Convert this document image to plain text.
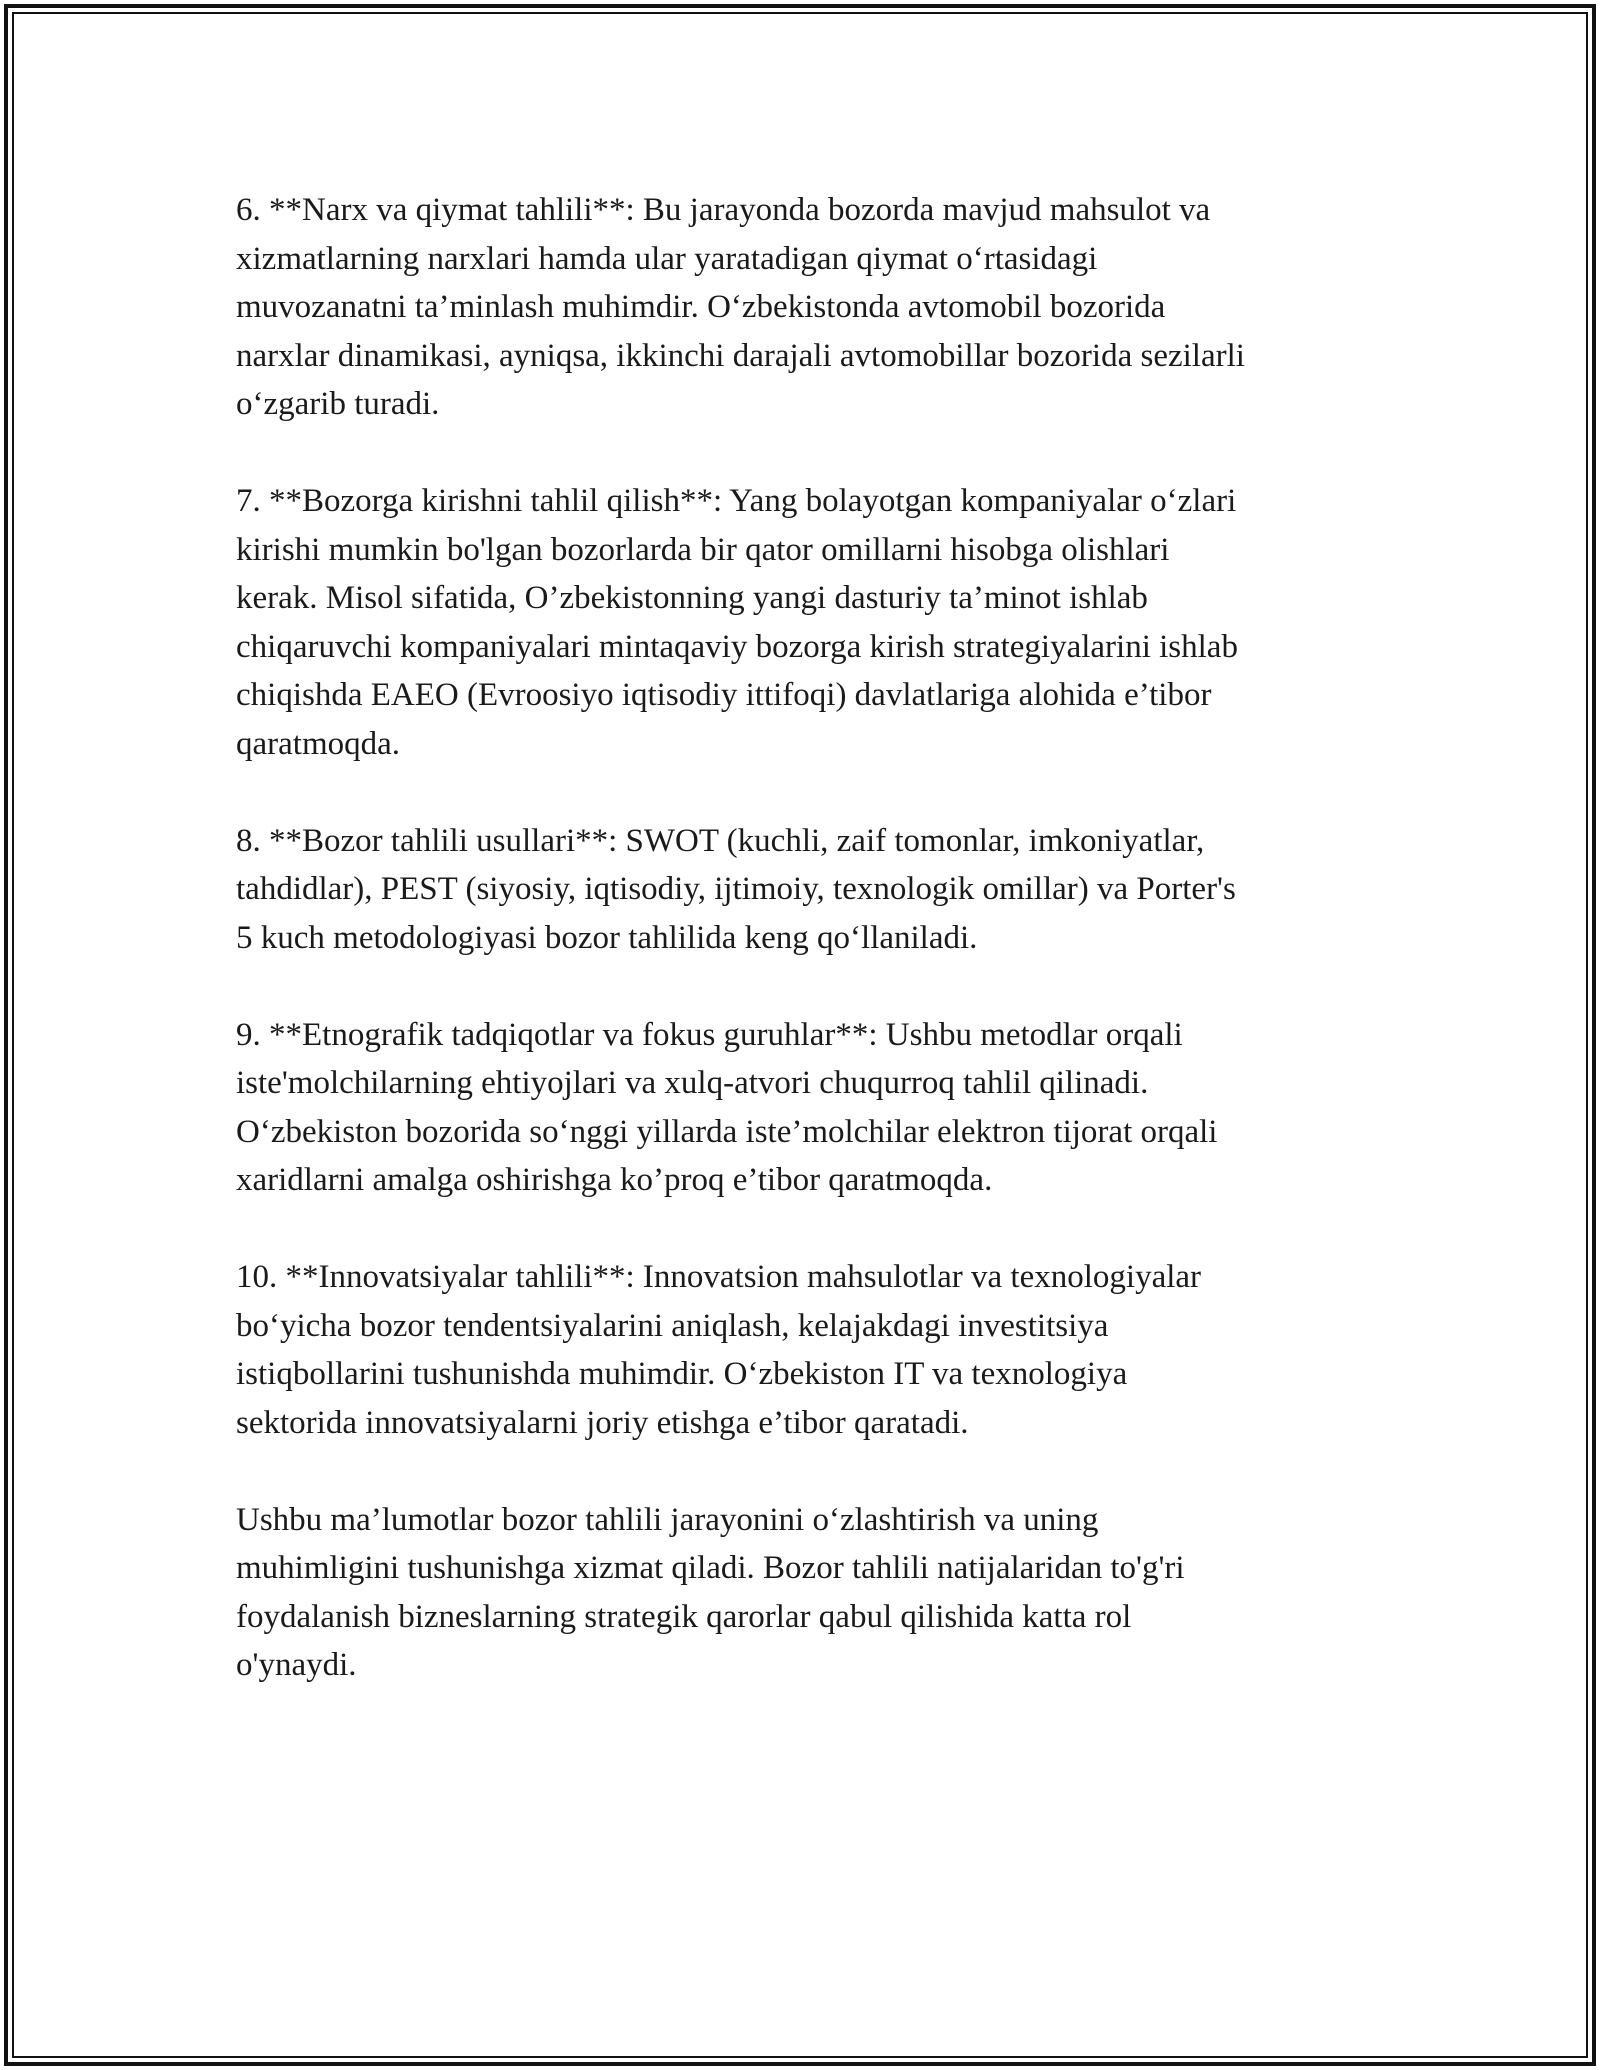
6. **Narx va qiymat tahlili**: Bu jarayonda bozorda mavjud mahsulot va
xizmatlarning narxlari hamda ular yaratadigan qiymat o‘rtasidagi
muvozanatni ta’minlash muhimdir. O‘zbekistonda avtomobil bozorida
narxlar dinamikasi, ayniqsa, ikkinchi darajali avtomobillar bozorida sezilarli
o‘zgarib turadi.

7. **Bozorga kirishni tahlil qilish**: Yang bolayotgan kompaniyalar o‘zlari
kirishi mumkin bo'lgan bozorlarda bir qator omillarni hisobga olishlari
kerak. Misol sifatida, O’zbekistonning yangi dasturiy ta’minot ishlab
chiqaruvchi kompaniyalari mintaqaviy bozorga kirish strategiyalarini ishlab
chiqishda EAEO (Evroosiyo iqtisodiy ittifoqi) davlatlariga alohida e’tibor
qaratmoqda.

8. **Bozor tahlili usullari**: SWOT (kuchli, zaif tomonlar, imkoniyatlar,
tahdidlar), PEST (siyosiy, iqtisodiy, ijtimoiy, texnologik omillar) va Porter's
5 kuch metodologiyasi bozor tahlilida keng qo‘llaniladi.

9. **Etnografik tadqiqotlar va fokus guruhlar**: Ushbu metodlar orqali
iste'molchilarning ehtiyojlari va xulq-atvori chuqurroq tahlil qilinadi.
O‘zbekiston bozorida so‘nggi yillarda iste’molchilar elektron tijorat orqali
xaridlarni amalga oshirishga ko’proq e’tibor qaratmoqda.

10. **Innovatsiyalar tahlili**: Innovatsion mahsulotlar va texnologiyalar
bo‘yicha bozor tendentsiyalarini aniqlash, kelajakdagi investitsiya
istiqbollarini tushunishda muhimdir. O‘zbekiston IT va texnologiya
sektorida innovatsiyalarni joriy etishga e’tibor qaratadi.

Ushbu ma’lumotlar bozor tahlili jarayonini o‘zlashtirish va uning
muhimligini tushunishga xizmat qiladi. Bozor tahlili natijalaridan to'g'ri
foydalanish bizneslarning strategik qarorlar qabul qilishida katta rol
o'ynaydi.
